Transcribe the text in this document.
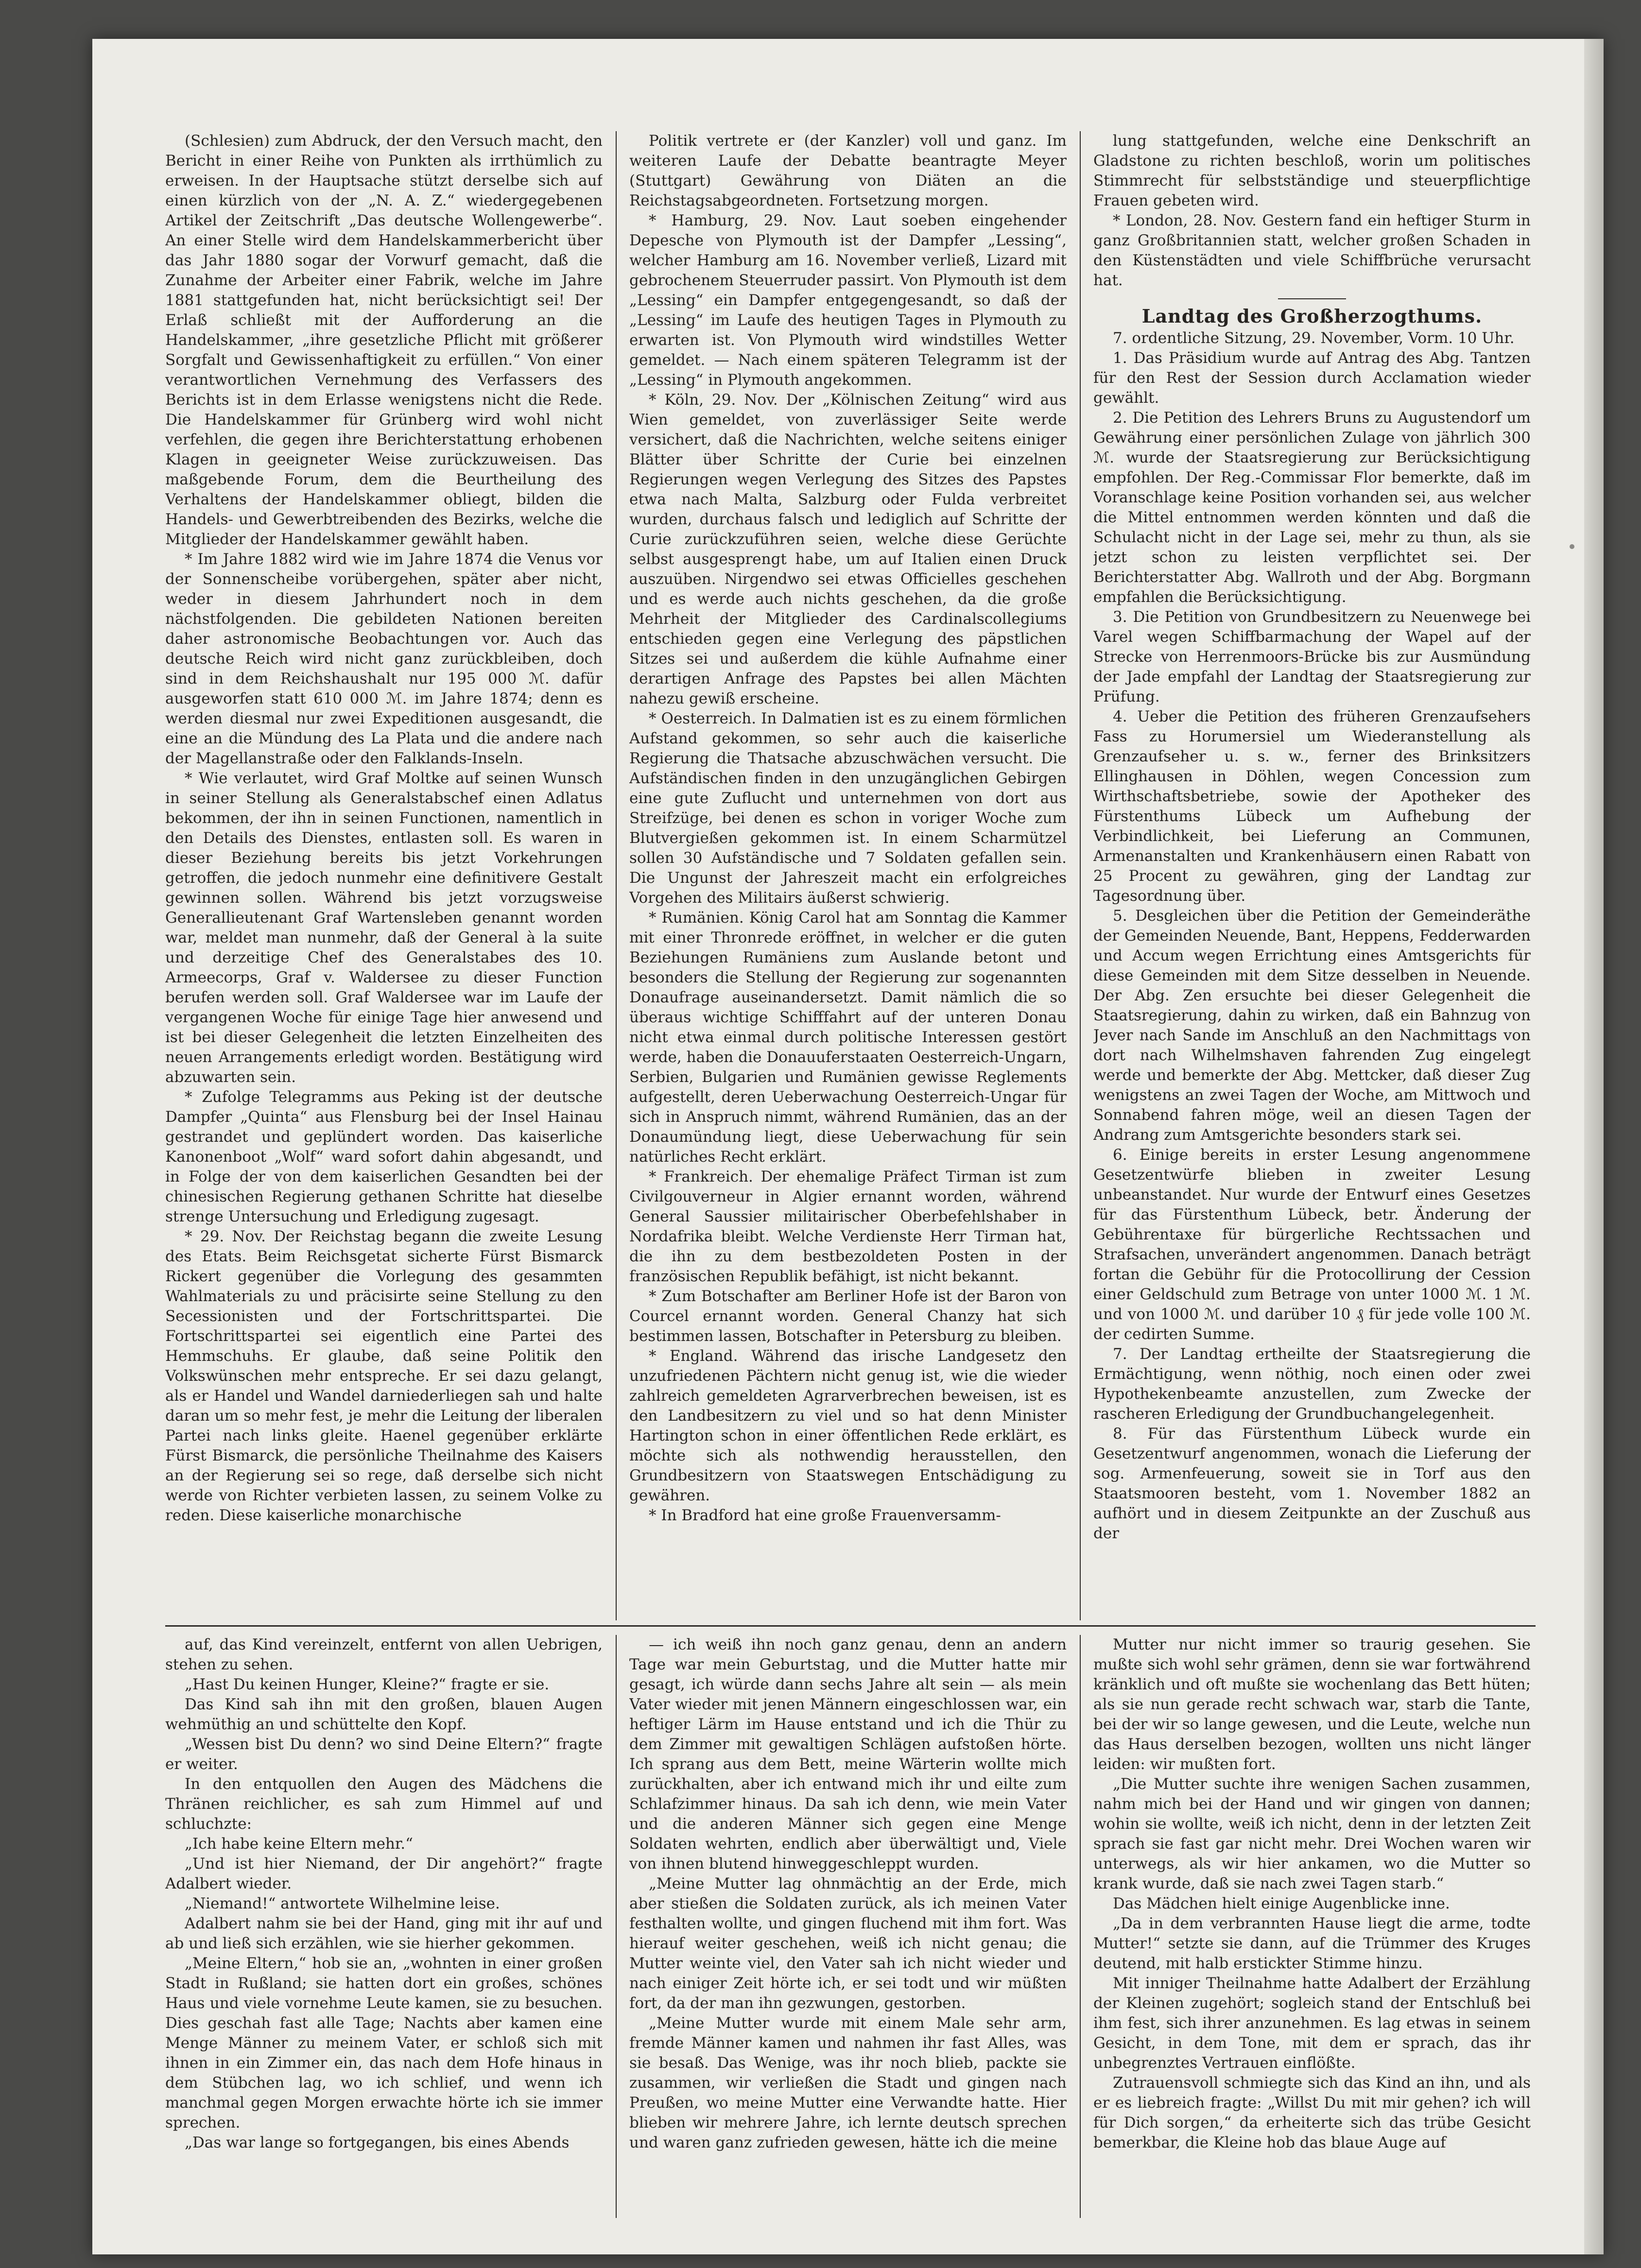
(Schlesien) zum Abdruck, der den Versuch macht, den Bericht in einer Reihe von Punkten als irrthümlich zu erweisen. In der Hauptsache stützt derselbe sich auf einen kürzlich von der „N. A. Z.“ wiedergegebenen Artikel der Zeitschrift „Das deutsche Wollengewerbe“. An einer Stelle wird dem Handelskammerbericht über das Jahr 1880 sogar der Vorwurf gemacht, daß die Zunahme der Arbeiter einer Fabrik, welche im Jahre 1881 stattgefunden hat, nicht berücksichtigt sei! Der Erlaß schließt mit der Aufforderung an die Handelskammer, „ihre gesetzliche Pflicht mit größerer Sorgfalt und Gewissenhaftigkeit zu erfüllen.“ Von einer verantwortlichen Vernehmung des Verfassers des Berichts ist in dem Erlasse wenigstens nicht die Rede. Die Handelskammer für Grünberg wird wohl nicht verfehlen, die gegen ihre Berichterstattung erhobenen Klagen in geeigneter Weise zurückzuweisen. Das maßgebende Forum, dem die Beurtheilung des Verhaltens der Handelskammer obliegt, bilden die Handels- und Gewerbtreibenden des Bezirks, welche die Mitglieder der Handelskammer gewählt haben.

* Im Jahre 1882 wird wie im Jahre 1874 die Venus vor der Sonnenscheibe vorübergehen, später aber nicht, weder in diesem Jahrhundert noch in dem nächstfolgenden. Die gebildeten Nationen bereiten daher astronomische Beobachtungen vor. Auch das deutsche Reich wird nicht ganz zurückbleiben, doch sind in dem Reichshaushalt nur 195 000 ℳ. dafür ausgeworfen statt 610 000 ℳ. im Jahre 1874; denn es werden diesmal nur zwei Expeditionen ausgesandt, die eine an die Mündung des La Plata und die andere nach der Magellanstraße oder den Falklands-Inseln.

* Wie verlautet, wird Graf Moltke auf seinen Wunsch in seiner Stellung als Generalstabschef einen Adlatus bekommen, der ihn in seinen Functionen, namentlich in den Details des Dienstes, entlasten soll. Es waren in dieser Beziehung bereits bis jetzt Vorkehrungen getroffen, die jedoch nunmehr eine definitivere Gestalt gewinnen sollen. Während bis jetzt vorzugsweise Generallieutenant Graf Wartensleben genannt worden war, meldet man nunmehr, daß der General à la suite und derzeitige Chef des Generalstabes des 10. Armeecorps, Graf v. Waldersee zu dieser Function berufen werden soll. Graf Waldersee war im Laufe der vergangenen Woche für einige Tage hier anwesend und ist bei dieser Gelegenheit die letzten Einzelheiten des neuen Arrangements erledigt worden. Bestätigung wird abzuwarten sein.

* Zufolge Telegramms aus Peking ist der deutsche Dampfer „Quinta“ aus Flensburg bei der Insel Hainau gestrandet und geplündert worden. Das kaiserliche Kanonenboot „Wolf“ ward sofort dahin abgesandt, und in Folge der von dem kaiserlichen Gesandten bei der chinesischen Regierung gethanen Schritte hat dieselbe strenge Untersuchung und Erledigung zugesagt.

* 29. Nov. Der Reichstag begann die zweite Lesung des Etats. Beim Reichsgetat sicherte Fürst Bismarck Rickert gegenüber die Vorlegung des gesammten Wahlmaterials zu und präcisirte seine Stellung zu den Secessionisten und der Fortschrittspartei. Die Fortschrittspartei sei eigentlich eine Partei des Hemmschuhs. Er glaube, daß seine Politik den Volkswünschen mehr entspreche. Er sei dazu gelangt, als er Handel und Wandel darniederliegen sah und halte daran um so mehr fest, je mehr die Leitung der liberalen Partei nach links gleite. Haenel gegenüber erklärte Fürst Bismarck, die persönliche Theilnahme des Kaisers an der Regierung sei so rege, daß derselbe sich nicht werde von Richter verbieten lassen, zu seinem Volke zu reden. Diese kaiserliche monarchische

Politik vertrete er (der Kanzler) voll und ganz. Im weiteren Laufe der Debatte beantragte Meyer (Stuttgart) Gewährung von Diäten an die Reichstagsabgeordneten. Fortsetzung morgen.

* Hamburg, 29. Nov. Laut soeben eingehender Depesche von Plymouth ist der Dampfer „Lessing“, welcher Hamburg am 16. November verließ, Lizard mit gebrochenem Steuerruder passirt. Von Plymouth ist dem „Lessing“ ein Dampfer entgegengesandt, so daß der „Lessing“ im Laufe des heutigen Tages in Plymouth zu erwarten ist. Von Plymouth wird windstilles Wetter gemeldet. — Nach einem späteren Telegramm ist der „Lessing“ in Plymouth angekommen.

* Köln, 29. Nov. Der „Kölnischen Zeitung“ wird aus Wien gemeldet, von zuverlässiger Seite werde versichert, daß die Nachrichten, welche seitens einiger Blätter über Schritte der Curie bei einzelnen Regierungen wegen Verlegung des Sitzes des Papstes etwa nach Malta, Salzburg oder Fulda verbreitet wurden, durchaus falsch und lediglich auf Schritte der Curie zurückzuführen seien, welche diese Gerüchte selbst ausgesprengt habe, um auf Italien einen Druck auszuüben. Nirgendwo sei etwas Officielles geschehen und es werde auch nichts geschehen, da die große Mehrheit der Mitglieder des Cardinalscollegiums entschieden gegen eine Verlegung des päpstlichen Sitzes sei und außerdem die kühle Aufnahme einer derartigen Anfrage des Papstes bei allen Mächten nahezu gewiß erscheine.

* Oesterreich. In Dalmatien ist es zu einem förmlichen Aufstand gekommen, so sehr auch die kaiserliche Regierung die Thatsache abzuschwächen versucht. Die Aufständischen finden in den unzugänglichen Gebirgen eine gute Zuflucht und unternehmen von dort aus Streifzüge, bei denen es schon in voriger Woche zum Blutvergießen gekommen ist. In einem Scharmützel sollen 30 Aufständische und 7 Soldaten gefallen sein. Die Ungunst der Jahreszeit macht ein erfolgreiches Vorgehen des Militairs äußerst schwierig.

* Rumänien. König Carol hat am Sonntag die Kammer mit einer Thronrede eröffnet, in welcher er die guten Beziehungen Rumäniens zum Auslande betont und besonders die Stellung der Regierung zur sogenannten Donaufrage auseinandersetzt. Damit nämlich die so überaus wichtige Schifffahrt auf der unteren Donau nicht etwa einmal durch politische Interessen gestört werde, haben die Donauuferstaaten Oesterreich-Ungarn, Serbien, Bulgarien und Rumänien gewisse Reglements aufgestellt, deren Ueberwachung Oesterreich-Ungar für sich in Anspruch nimmt, während Rumänien, das an der Donaumündung liegt, diese Ueberwachung für sein natürliches Recht erklärt.

* Frankreich. Der ehemalige Präfect Tirman ist zum Civilgouverneur in Algier ernannt worden, während General Saussier militairischer Oberbefehlshaber in Nordafrika bleibt. Welche Verdienste Herr Tirman hat, die ihn zu dem bestbezoldeten Posten in der französischen Republik befähigt, ist nicht bekannt.

* Zum Botschafter am Berliner Hofe ist der Baron von Courcel ernannt worden. General Chanzy hat sich bestimmen lassen, Botschafter in Petersburg zu bleiben.

* England. Während das irische Landgesetz den unzufriedenen Pächtern nicht genug ist, wie die wieder zahlreich gemeldeten Agrarverbrechen beweisen, ist es den Landbesitzern zu viel und so hat denn Minister Hartington schon in einer öffentlichen Rede erklärt, es möchte sich als nothwendig herausstellen, den Grundbesitzern von Staatswegen Entschädigung zu gewähren.

* In Bradford hat eine große Frauenversamm-

lung stattgefunden, welche eine Denkschrift an Gladstone zu richten beschloß, worin um politisches Stimmrecht für selbstständige und steuerpflichtige Frauen gebeten wird.

* London, 28. Nov. Gestern fand ein heftiger Sturm in ganz Großbritannien statt, welcher großen Schaden in den Küstenstädten und viele Schiffbrüche verursacht hat.

Landtag des Großherzogthums.

7. ordentliche Sitzung, 29. November, Vorm. 10 Uhr.

1. Das Präsidium wurde auf Antrag des Abg. Tantzen für den Rest der Session durch Acclamation wieder gewählt.

2. Die Petition des Lehrers Bruns zu Augustendorf um Gewährung einer persönlichen Zulage von jährlich 300 ℳ. wurde der Staatsregierung zur Berücksichtigung empfohlen. Der Reg.-Commissar Flor bemerkte, daß im Voranschlage keine Position vorhanden sei, aus welcher die Mittel entnommen werden könnten und daß die Schulacht nicht in der Lage sei, mehr zu thun, als sie jetzt schon zu leisten verpflichtet sei. Der Berichterstatter Abg. Wallroth und der Abg. Borgmann empfahlen die Berücksichtigung.

3. Die Petition von Grundbesitzern zu Neuenwege bei Varel wegen Schiffbarmachung der Wapel auf der Strecke von Herrenmoors-Brücke bis zur Ausmündung der Jade empfahl der Landtag der Staatsregierung zur Prüfung.

4. Ueber die Petition des früheren Grenzaufsehers Fass zu Horumersiel um Wiederanstellung als Grenzaufseher u. s. w., ferner des Brinksitzers Ellinghausen in Döhlen, wegen Concession zum Wirthschaftsbetriebe, sowie der Apotheker des Fürstenthums Lübeck um Aufhebung der Verbindlichkeit, bei Lieferung an Communen, Armenanstalten und Krankenhäusern einen Rabatt von 25 Procent zu gewähren, ging der Landtag zur Tagesordnung über.

5. Desgleichen über die Petition der Gemeinderäthe der Gemeinden Neuende, Bant, Heppens, Fedderwarden und Accum wegen Errichtung eines Amtsgerichts für diese Gemeinden mit dem Sitze desselben in Neuende. Der Abg. Zen ersuchte bei dieser Gelegenheit die Staatsregierung, dahin zu wirken, daß ein Bahnzug von Jever nach Sande im Anschluß an den Nachmittags von dort nach Wilhelmshaven fahrenden Zug eingelegt werde und bemerkte der Abg. Mettcker, daß dieser Zug wenigstens an zwei Tagen der Woche, am Mittwoch und Sonnabend fahren möge, weil an diesen Tagen der Andrang zum Amtsgerichte besonders stark sei.

6. Einige bereits in erster Lesung angenommene Gesetzentwürfe blieben in zweiter Lesung unbeanstandet. Nur wurde der Entwurf eines Gesetzes für das Fürstenthum Lübeck, betr. Änderung der Gebührentaxe für bürgerliche Rechtssachen und Strafsachen, unverändert angenommen. Danach beträgt fortan die Gebühr für die Protocollirung der Cession einer Geldschuld zum Betrage von unter 1000 ℳ. 1 ℳ. und von 1000 ℳ. und darüber 10 ₰ für jede volle 100 ℳ. der cedirten Summe.

7. Der Landtag ertheilte der Staatsregierung die Ermächtigung, wenn nöthig, noch einen oder zwei Hypothekenbeamte anzustellen, zum Zwecke der rascheren Erledigung der Grundbuchangelegenheit.

8. Für das Fürstenthum Lübeck wurde ein Gesetzentwurf angenommen, wonach die Lieferung der sog. Armenfeuerung, soweit sie in Torf aus den Staatsmooren besteht, vom 1. November 1882 an aufhört und in diesem Zeitpunkte an der Zuschuß aus der

auf, das Kind vereinzelt, entfernt von allen Uebrigen, stehen zu sehen.

„Hast Du keinen Hunger, Kleine?“ fragte er sie.

Das Kind sah ihn mit den großen, blauen Augen wehmüthig an und schüttelte den Kopf.

„Wessen bist Du denn? wo sind Deine Eltern?“ fragte er weiter.

In den entquollen den Augen des Mädchens die Thränen reichlicher, es sah zum Himmel auf und schluchzte:

„Ich habe keine Eltern mehr.“

„Und ist hier Niemand, der Dir angehört?“ fragte Adalbert wieder.

„Niemand!“ antwortete Wilhelmine leise.

Adalbert nahm sie bei der Hand, ging mit ihr auf und ab und ließ sich erzählen, wie sie hierher gekommen.

„Meine Eltern,“ hob sie an, „wohnten in einer großen Stadt in Rußland; sie hatten dort ein großes, schönes Haus und viele vornehme Leute kamen, sie zu besuchen. Dies geschah fast alle Tage; Nachts aber kamen eine Menge Männer zu meinem Vater, er schloß sich mit ihnen in ein Zimmer ein, das nach dem Hofe hinaus in dem Stübchen lag, wo ich schlief, und wenn ich manchmal gegen Morgen erwachte hörte ich sie immer sprechen.

„Das war lange so fortgegangen, bis eines Abends

— ich weiß ihn noch ganz genau, denn an andern Tage war mein Geburtstag, und die Mutter hatte mir gesagt, ich würde dann sechs Jahre alt sein — als mein Vater wieder mit jenen Männern eingeschlossen war, ein heftiger Lärm im Hause entstand und ich die Thür zu dem Zimmer mit gewaltigen Schlägen aufstoßen hörte. Ich sprang aus dem Bett, meine Wärterin wollte mich zurückhalten, aber ich entwand mich ihr und eilte zum Schlafzimmer hinaus. Da sah ich denn, wie mein Vater und die anderen Männer sich gegen eine Menge Soldaten wehrten, endlich aber überwältigt und, Viele von ihnen blutend hinweggeschleppt wurden.

„Meine Mutter lag ohnmächtig an der Erde, mich aber stießen die Soldaten zurück, als ich meinen Vater festhalten wollte, und gingen fluchend mit ihm fort. Was hierauf weiter geschehen, weiß ich nicht genau; die Mutter weinte viel, den Vater sah ich nicht wieder und nach einiger Zeit hörte ich, er sei todt und wir müßten fort, da der man ihn gezwungen, gestorben.

„Meine Mutter wurde mit einem Male sehr arm, fremde Männer kamen und nahmen ihr fast Alles, was sie besaß. Das Wenige, was ihr noch blieb, packte sie zusammen, wir verließen die Stadt und gingen nach Preußen, wo meine Mutter eine Verwandte hatte. Hier blieben wir mehrere Jahre, ich lernte deutsch sprechen und waren ganz zufrieden gewesen, hätte ich die meine

Mutter nur nicht immer so traurig gesehen. Sie mußte sich wohl sehr grämen, denn sie war fortwährend kränklich und oft mußte sie wochenlang das Bett hüten; als sie nun gerade recht schwach war, starb die Tante, bei der wir so lange gewesen, und die Leute, welche nun das Haus derselben bezogen, wollten uns nicht länger leiden: wir mußten fort.

„Die Mutter suchte ihre wenigen Sachen zusammen, nahm mich bei der Hand und wir gingen von dannen; wohin sie wollte, weiß ich nicht, denn in der letzten Zeit sprach sie fast gar nicht mehr. Drei Wochen waren wir unterwegs, als wir hier ankamen, wo die Mutter so krank wurde, daß sie nach zwei Tagen starb.“

Das Mädchen hielt einige Augenblicke inne.

„Da in dem verbrannten Hause liegt die arme, todte Mutter!“ setzte sie dann, auf die Trümmer des Kruges deutend, mit halb erstickter Stimme hinzu.

Mit inniger Theilnahme hatte Adalbert der Erzählung der Kleinen zugehört; sogleich stand der Entschluß bei ihm fest, sich ihrer anzunehmen. Es lag etwas in seinem Gesicht, in dem Tone, mit dem er sprach, das ihr unbegrenztes Vertrauen einflößte.

Zutrauensvoll schmiegte sich das Kind an ihn, und als er es liebreich fragte: „Willst Du mit mir gehen? ich will für Dich sorgen,“ da erheiterte sich das trübe Gesicht bemerkbar, die Kleine hob das blaue Auge auf
